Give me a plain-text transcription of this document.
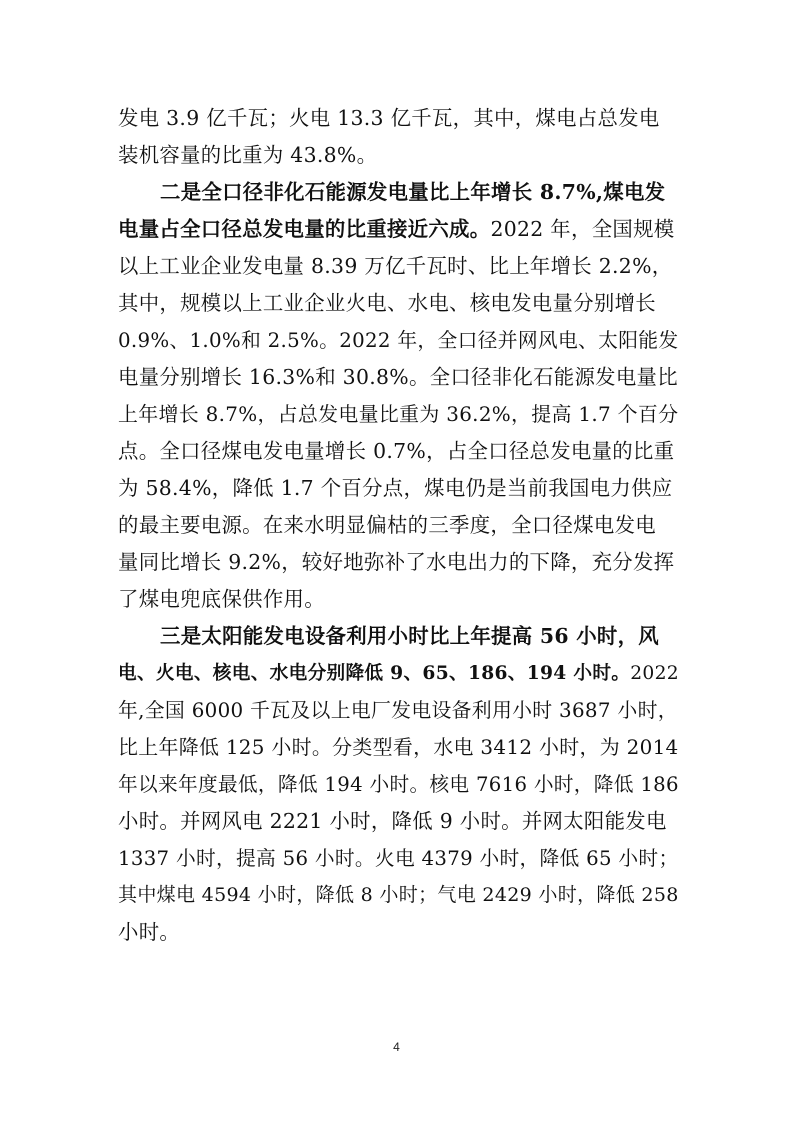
发电 3.9 亿千瓦；火电 13.3 亿千瓦，其中，煤电占总发电
装机容量的比重为 43.8%。
二是全口径非化石能源发电量比上年增长 8.7%,煤电发
电量占全口径总发电量的比重接近六成。2022 年，全国规模
以上工业企业发电量 8.39 万亿千瓦时、比上年增长 2.2%，
其中，规模以上工业企业火电、水电、核电发电量分别增长
0.9%、1.0%和 2.5%。2022 年，全口径并网风电、太阳能发
电量分别增长 16.3%和 30.8%。全口径非化石能源发电量比
上年增长 8.7%，占总发电量比重为 36.2%，提高 1.7 个百分
点。全口径煤电发电量增长 0.7%，占全口径总发电量的比重
为 58.4%，降低 1.7 个百分点，煤电仍是当前我国电力供应
的最主要电源。在来水明显偏枯的三季度，全口径煤电发电
量同比增长 9.2%，较好地弥补了水电出力的下降，充分发挥
了煤电兜底保供作用。
三是太阳能发电设备利用小时比上年提高 56 小时，风
电、火电、核电、水电分别降低 9、65、186、194 小时。2022
年,全国 6000 千瓦及以上电厂发电设备利用小时 3687 小时，
比上年降低 125 小时。分类型看，水电 3412 小时，为 2014
年以来年度最低，降低 194 小时。核电 7616 小时，降低 186
小时。并网风电 2221 小时，降低 9 小时。并网太阳能发电
1337 小时，提高 56 小时。火电 4379 小时，降低 65 小时；
其中煤电 4594 小时，降低 8 小时；气电 2429 小时，降低 258
小时。
4
